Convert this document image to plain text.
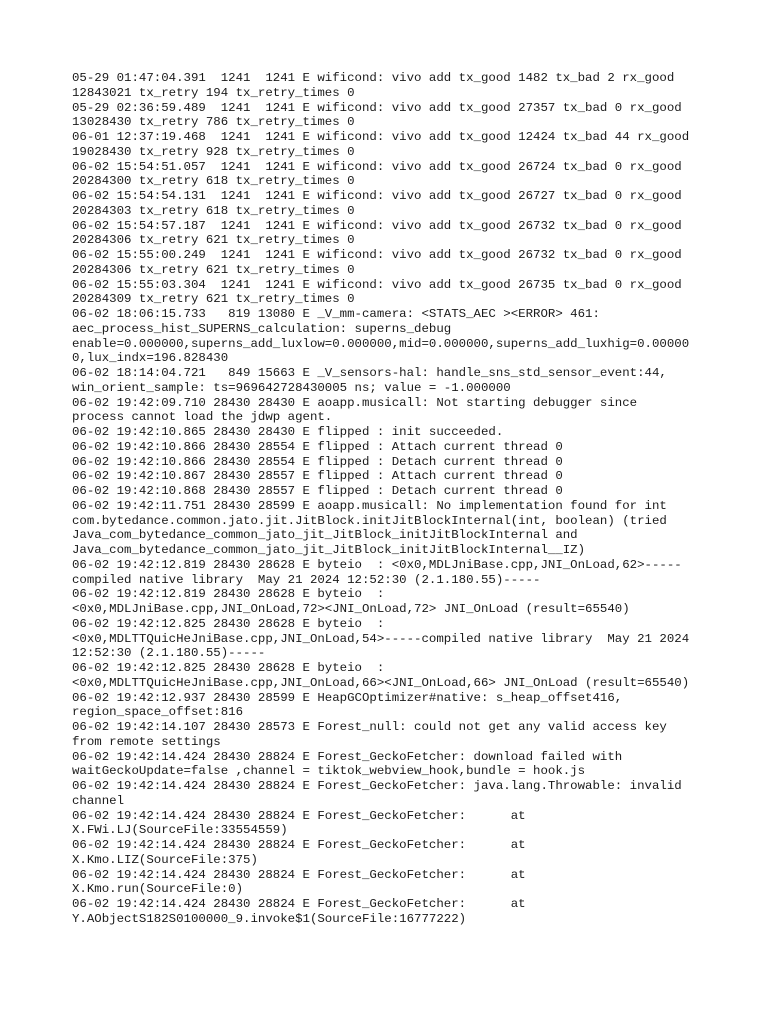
05-29 01:47:04.391  1241  1241 E wificond: vivo add tx_good 1482 tx_bad 2 rx_good
12843021 tx_retry 194 tx_retry_times 0
05-29 02:36:59.489  1241  1241 E wificond: vivo add tx_good 27357 tx_bad 0 rx_good
13028430 tx_retry 786 tx_retry_times 0
06-01 12:37:19.468  1241  1241 E wificond: vivo add tx_good 12424 tx_bad 44 rx_good
19028430 tx_retry 928 tx_retry_times 0
06-02 15:54:51.057  1241  1241 E wificond: vivo add tx_good 26724 tx_bad 0 rx_good
20284300 tx_retry 618 tx_retry_times 0
06-02 15:54:54.131  1241  1241 E wificond: vivo add tx_good 26727 tx_bad 0 rx_good
20284303 tx_retry 618 tx_retry_times 0
06-02 15:54:57.187  1241  1241 E wificond: vivo add tx_good 26732 tx_bad 0 rx_good
20284306 tx_retry 621 tx_retry_times 0
06-02 15:55:00.249  1241  1241 E wificond: vivo add tx_good 26732 tx_bad 0 rx_good
20284306 tx_retry 621 tx_retry_times 0
06-02 15:55:03.304  1241  1241 E wificond: vivo add tx_good 26735 tx_bad 0 rx_good
20284309 tx_retry 621 tx_retry_times 0
06-02 18:06:15.733   819 13080 E _V_mm-camera: <STATS_AEC ><ERROR> 461:
aec_process_hist_SUPERNS_calculation: superns_debug
enable=0.000000,superns_add_luxlow=0.000000,mid=0.000000,superns_add_luxhig=0.00000
0,lux_indx=196.828430
06-02 18:14:04.721   849 15663 E _V_sensors-hal: handle_sns_std_sensor_event:44,
win_orient_sample: ts=969642728430005 ns; value = -1.000000
06-02 19:42:09.710 28430 28430 E aoapp.musicall: Not starting debugger since
process cannot load the jdwp agent.
06-02 19:42:10.865 28430 28430 E flipped : init succeeded.
06-02 19:42:10.866 28430 28554 E flipped : Attach current thread 0
06-02 19:42:10.866 28430 28554 E flipped : Detach current thread 0
06-02 19:42:10.867 28430 28557 E flipped : Attach current thread 0
06-02 19:42:10.868 28430 28557 E flipped : Detach current thread 0
06-02 19:42:11.751 28430 28599 E aoapp.musicall: No implementation found for int
com.bytedance.common.jato.jit.JitBlock.initJitBlockInternal(int, boolean) (tried
Java_com_bytedance_common_jato_jit_JitBlock_initJitBlockInternal and
Java_com_bytedance_common_jato_jit_JitBlock_initJitBlockInternal__IZ)
06-02 19:42:12.819 28430 28628 E byteio  : <0x0,MDLJniBase.cpp,JNI_OnLoad,62>-----
compiled native library  May 21 2024 12:52:30 (2.1.180.55)-----
06-02 19:42:12.819 28430 28628 E byteio  :
<0x0,MDLJniBase.cpp,JNI_OnLoad,72><JNI_OnLoad,72> JNI_OnLoad (result=65540)
06-02 19:42:12.825 28430 28628 E byteio  :
<0x0,MDLTTQuicHeJniBase.cpp,JNI_OnLoad,54>-----compiled native library  May 21 2024
12:52:30 (2.1.180.55)-----
06-02 19:42:12.825 28430 28628 E byteio  :
<0x0,MDLTTQuicHeJniBase.cpp,JNI_OnLoad,66><JNI_OnLoad,66> JNI_OnLoad (result=65540)
06-02 19:42:12.937 28430 28599 E HeapGCOptimizer#native: s_heap_offset416,
region_space_offset:816
06-02 19:42:14.107 28430 28573 E Forest_null: could not get any valid access key
from remote settings
06-02 19:42:14.424 28430 28824 E Forest_GeckoFetcher: download failed with
waitGeckoUpdate=false ,channel = tiktok_webview_hook,bundle = hook.js
06-02 19:42:14.424 28430 28824 E Forest_GeckoFetcher: java.lang.Throwable: invalid
channel
06-02 19:42:14.424 28430 28824 E Forest_GeckoFetcher:      at
X.FWi.LJ(SourceFile:33554559)
06-02 19:42:14.424 28430 28824 E Forest_GeckoFetcher:      at
X.Kmo.LIZ(SourceFile:375)
06-02 19:42:14.424 28430 28824 E Forest_GeckoFetcher:      at
X.Kmo.run(SourceFile:0)
06-02 19:42:14.424 28430 28824 E Forest_GeckoFetcher:      at
Y.AObjectS182S0100000_9.invoke$1(SourceFile:16777222)
